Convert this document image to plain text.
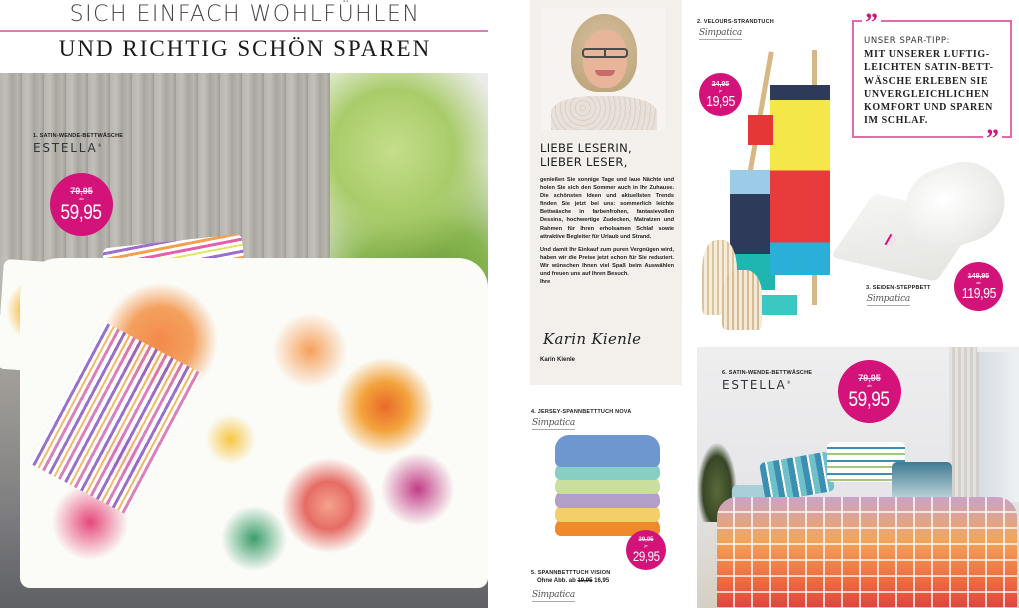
SICH EINFACH WOHLFÜHLEN
UND RICHTIG SCHÖN SPAREN
1. SATIN-WENDE-BETTWÄSCHE
ESTELLA®
79,95
ab
59,95
LIEBE LESERIN,
LIEBER LESER,

genießen Sie sonnige Tage und laue Nächte und holen Sie sich den Sommer auch in Ihr Zuhause. Die schönsten Ideen und aktuellsten Trends finden Sie jetzt bei uns: sommerlich leichte Bettwäsche in farbenfrohen, fantasievollen Dessins, hochwertige Zudecken, Matratzen und Rahmen für Ihren erholsamen Schlaf sowie attraktive Begleiter für Urlaub und Strand.

Und damit Ihr Einkauf zum puren Vergnügen wird, haben wir die Preise jetzt schon für Sie reduziert. Wir wünschen Ihnen viel Spaß beim Auswählen und freuen uns auf Ihren Besuch.

Ihre
Karin Kienle
Karin Kienle
2. VELOURS-STRANDTUCH
Simpatica
24,95
je
19,95
”
UNSER SPAR-TIPP:
MIT UNSERER LUFTIG-LEICHTEN SATIN-BETT-WÄSCHE ERLEBEN SIE UNVERGLEICHLICHEN KOMFORT UND SPAREN IM SCHLAF.
”
149,95
ab
119,95
3. SEIDEN-STEPPBETT
Simpatica
4. JERSEY-SPANNBETTTUCH NOVA
Simpatica
39,95
je
29,95
5. SPANNBETTTUCH VISION
Ohne Abb. ab 19,95 16,95
Simpatica
6. SATIN-WENDE-BETTWÄSCHE
ESTELLA®	79,95
ab
59,95
